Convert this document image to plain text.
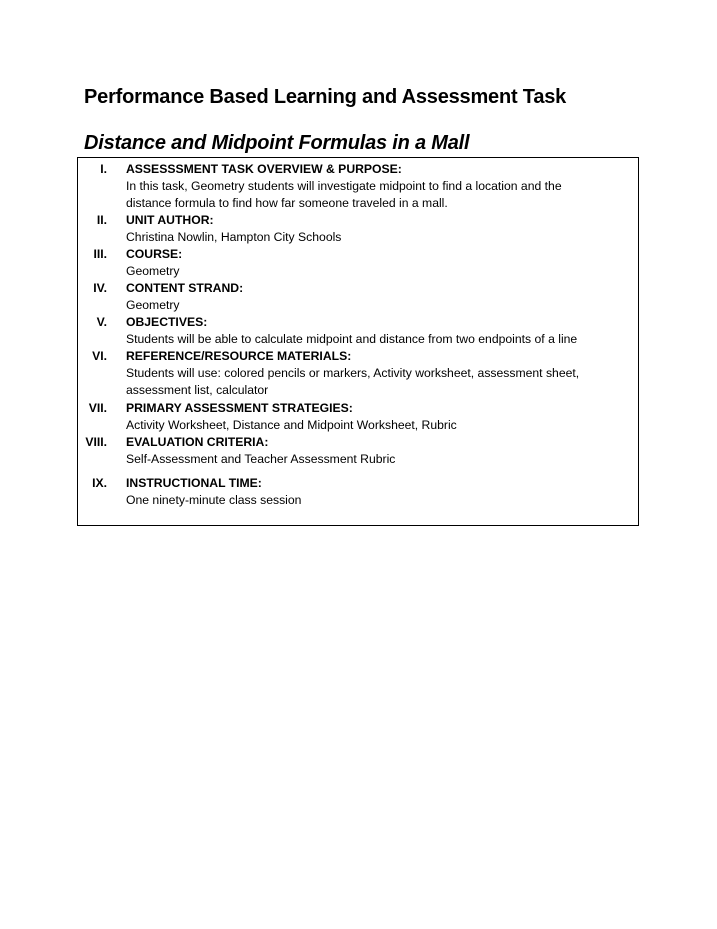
Performance Based Learning and Assessment Task
Distance and Midpoint Formulas in a Mall
I. ASSESSSMENT TASK OVERVIEW & PURPOSE:
In this task, Geometry students will investigate midpoint to find a location and the
distance formula to find how far someone traveled in a mall.
II. UNIT AUTHOR:
Christina Nowlin, Hampton City Schools
III. COURSE:
Geometry
IV. CONTENT STRAND:
Geometry
V. OBJECTIVES:
Students will be able to calculate midpoint and distance from two endpoints of a line
VI. REFERENCE/RESOURCE MATERIALS:
Students will use: colored pencils or markers, Activity worksheet, assessment sheet,
assessment list, calculator
VII. PRIMARY ASSESSMENT STRATEGIES:
Activity Worksheet, Distance and Midpoint Worksheet, Rubric
VIII. EVALUATION CRITERIA:
Self-Assessment and Teacher Assessment Rubric
IX. INSTRUCTIONAL TIME:
One ninety-minute class session
